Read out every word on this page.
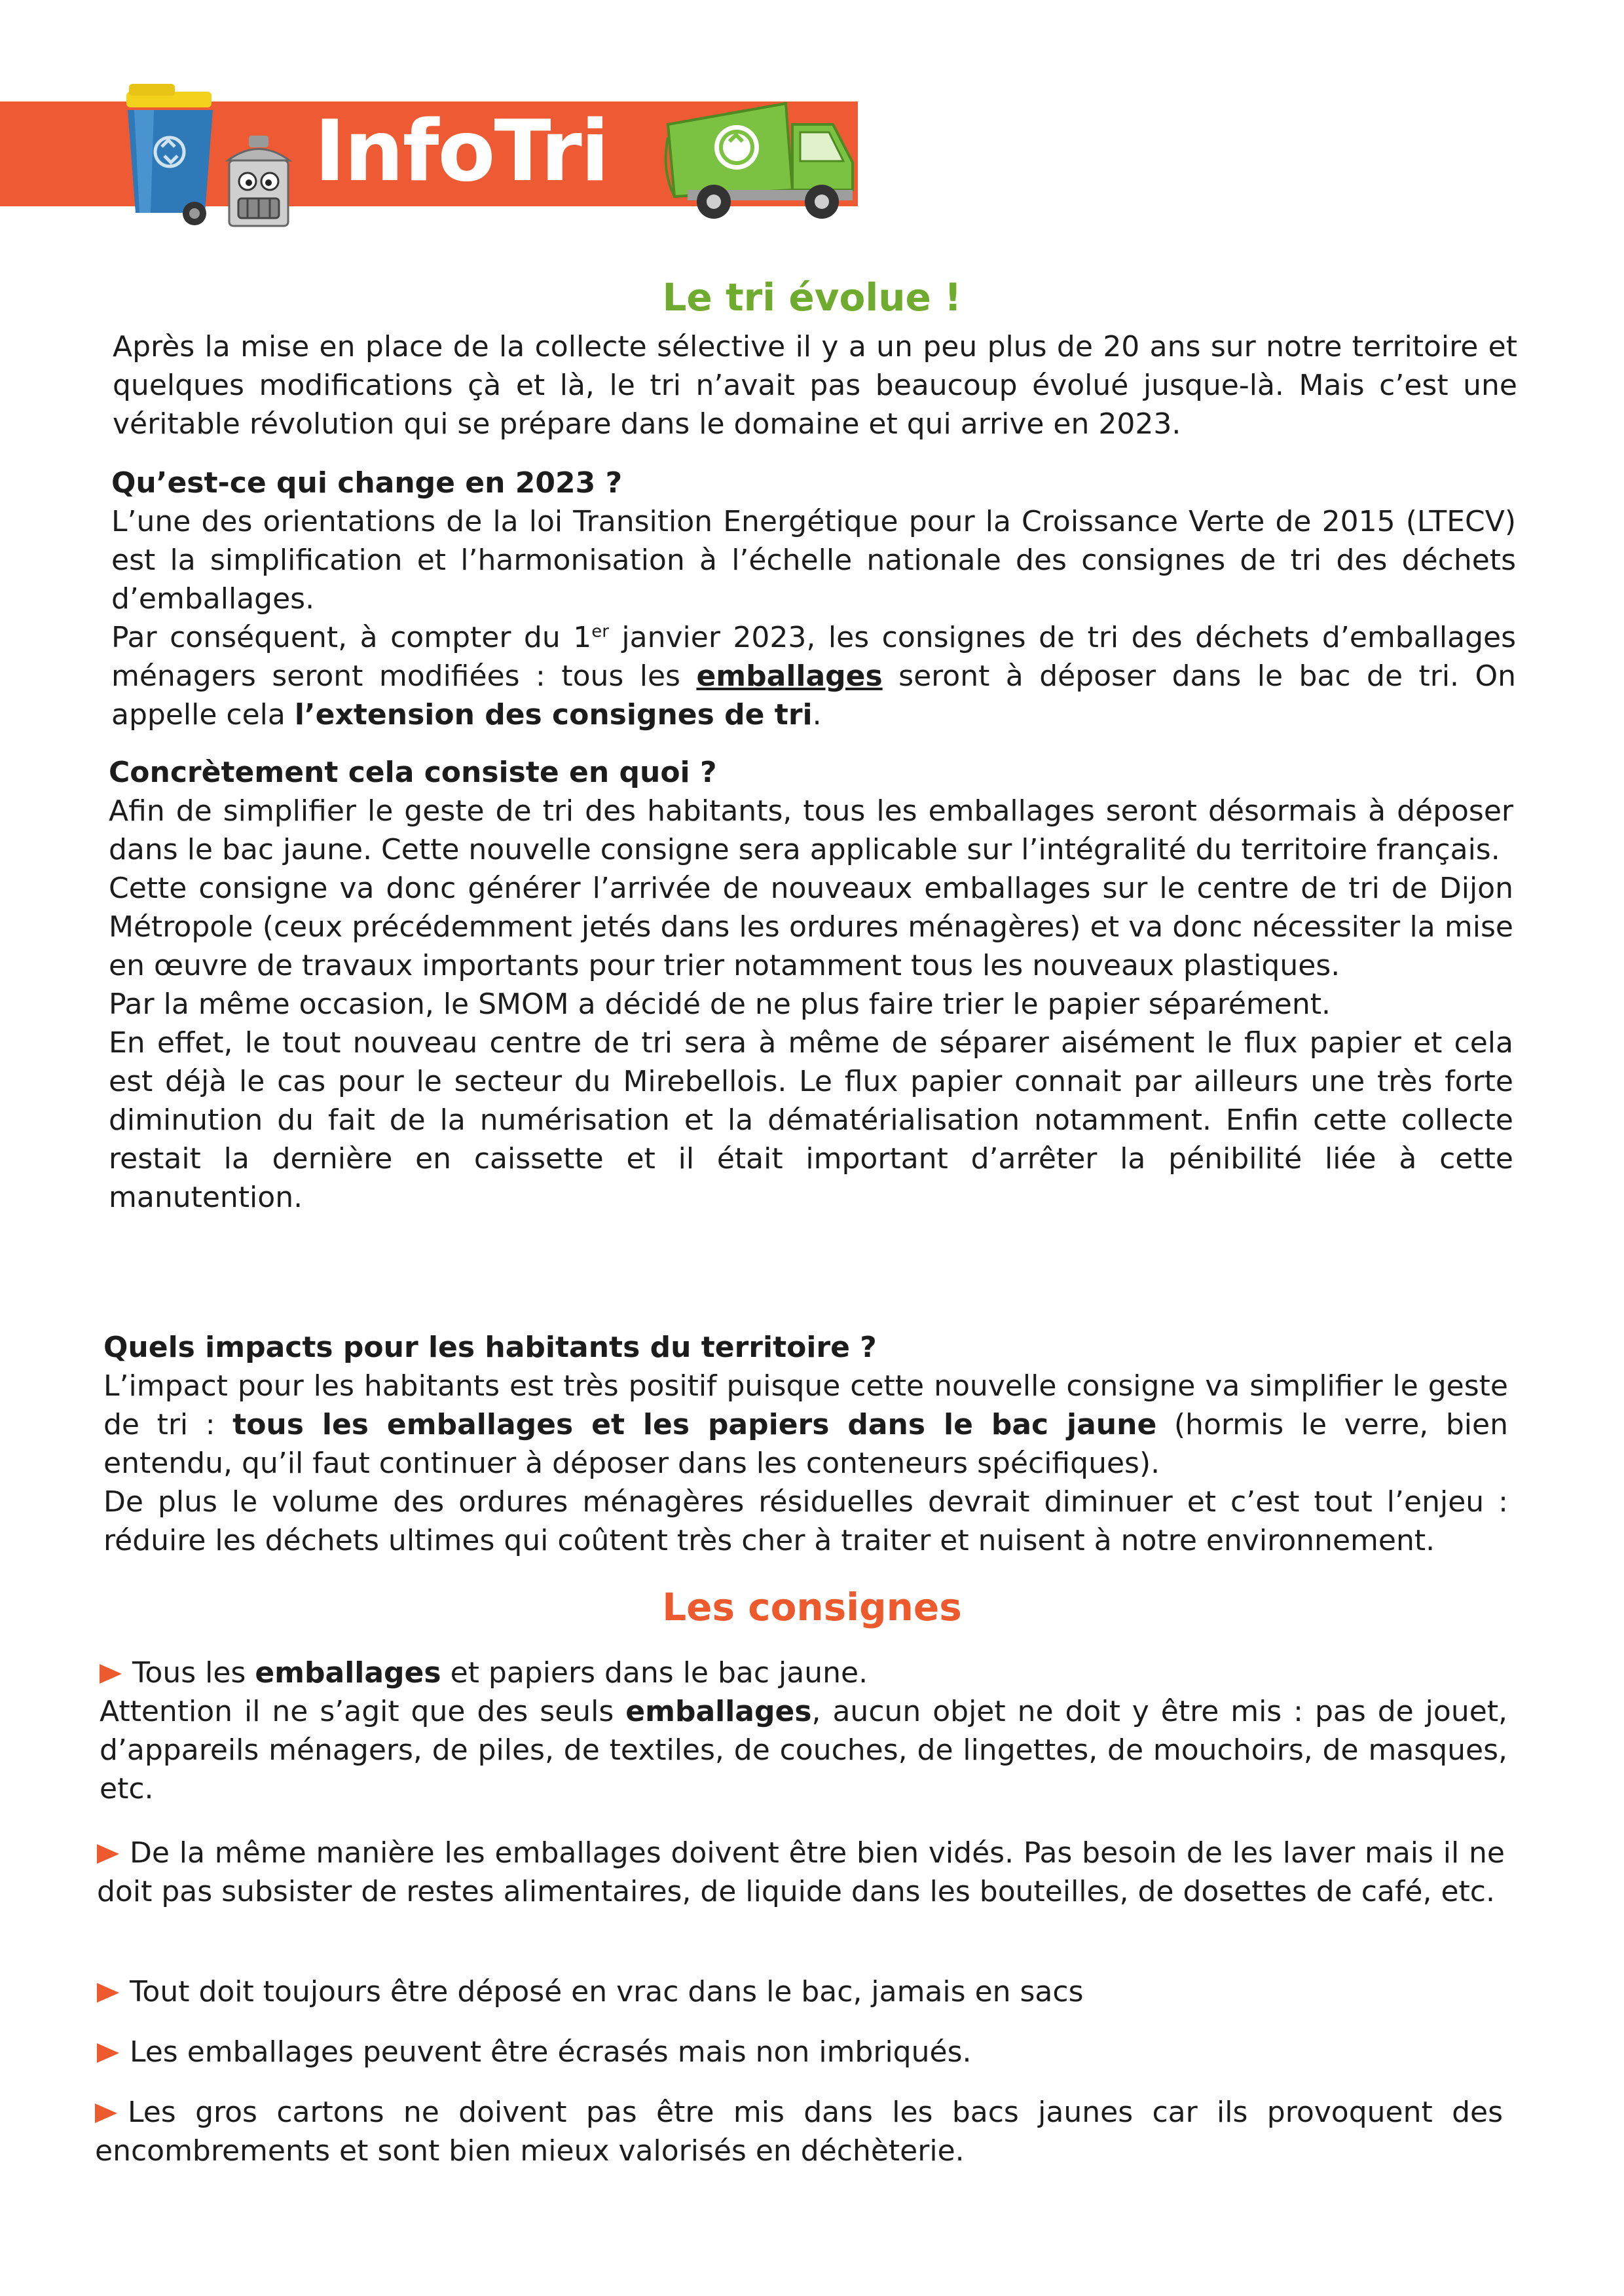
InfoTri
Le tri évolue !

Après la mise en place de la collecte sélective il y a un peu plus de 20 ans sur notre territoire et quelques modifications çà et là, le tri n’avait pas beaucoup évolué jusque-là. Mais c’est une véritable révolution qui se prépare dans le domaine et qui arrive en 2023.

Qu’est-ce qui change en 2023 ?

L’une des orientations de la loi Transition Energétique pour la Croissance Verte de 2015 (LTECV) est la simplification et l’harmonisation à l’échelle nationale des consignes de tri des déchets d’emballages.

Par conséquent, à compter du 1er janvier 2023, les consignes de tri des déchets d’emballages ménagers seront modifiées : tous les emballages seront à déposer dans le bac de tri. On appelle cela l’extension des consignes de tri.

Concrètement cela consiste en quoi ?

Afin de simplifier le geste de tri des habitants, tous les emballages seront désormais à déposer dans le bac jaune. Cette nouvelle consigne sera applicable sur l’intégralité du territoire français.

Cette consigne va donc générer l’arrivée de nouveaux emballages sur le centre de tri de Dijon Métropole (ceux précédemment jetés dans les ordures ménagères) et va donc nécessiter la mise en œuvre de travaux importants pour trier notamment tous les nouveaux plastiques.

Par la même occasion, le SMOM a décidé de ne plus faire trier le papier séparément.

En effet, le tout nouveau centre de tri sera à même de séparer aisément le flux papier et cela est déjà le cas pour le secteur du Mirebellois. Le flux papier connait par ailleurs une très forte diminution du fait de la numérisation et la dématérialisation notamment. Enfin cette collecte restait la dernière en caissette et il était important d’arrêter la pénibilité liée à cette manutention.

Quels impacts pour les habitants du territoire ?

L’impact pour les habitants est très positif puisque cette nouvelle consigne va simplifier le geste de tri : tous les emballages et les papiers dans le bac jaune (hormis le verre, bien entendu, qu’il faut continuer à déposer dans les conteneurs spécifiques).

De plus le volume des ordures ménagères résiduelles devrait diminuer et c’est tout l’enjeu : réduire les déchets ultimes qui coûtent très cher à traiter et nuisent à notre environnement.

Les consignes

Tous les emballages et papiers dans le bac jaune.

Attention il ne s’agit que des seuls emballages, aucun objet ne doit y être mis : pas de jouet, d’appareils ménagers, de piles, de textiles, de couches, de lingettes, de mouchoirs, de masques, etc.

De la même manière les emballages doivent être bien vidés. Pas besoin de les laver mais il ne doit pas subsister de restes alimentaires, de liquide dans les bouteilles, de dosettes de café, etc.

Tout doit toujours être déposé en vrac dans le bac, jamais en sacs

Les emballages peuvent être écrasés mais non imbriqués.

Les gros cartons ne doivent pas être mis dans les bacs jaunes car ils provoquent des encombrements et sont bien mieux valorisés en déchèterie.
